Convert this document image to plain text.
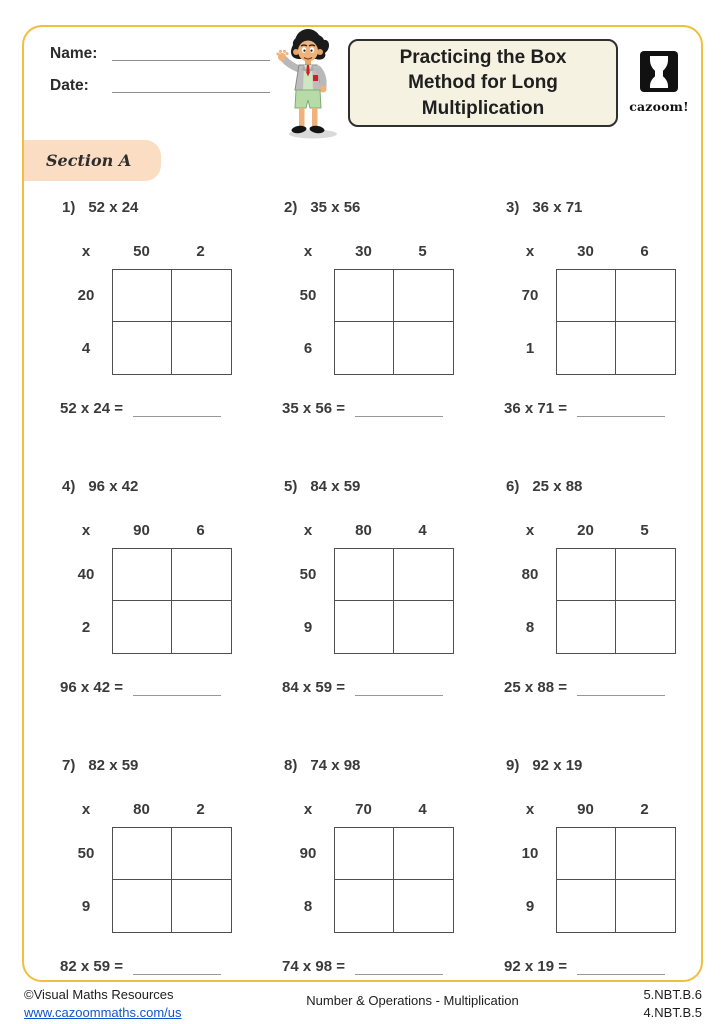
Name:
Date:
Practicing the Box Method for Long Multiplication	cazoom!
Section A
1) 52 x 24
x	50	2
20
4
52 x 24 =
2) 35 x 56
x	30	5
50
6
35 x 56 =
3) 36 x 71
x	30	6
70
1
36 x 71 =
4) 96 x 42
x	90	6
40
2
96 x 42 =
5) 84 x 59
x	80	4
50
9
84 x 59 =
6) 25 x 88
x	20	5
80
8
25 x 88 =
7) 82 x 59
x	80	2
50
9
82 x 59 =
8) 74 x 98
x	70	4
90
8
74 x 98 =
9) 92 x 19
x	90	2
10
9
92 x 19 =
©Visual Maths Resources
www.cazoommaths.com/us
Number & Operations - Multiplication	5.NBT.B.6
4.NBT.B.5
